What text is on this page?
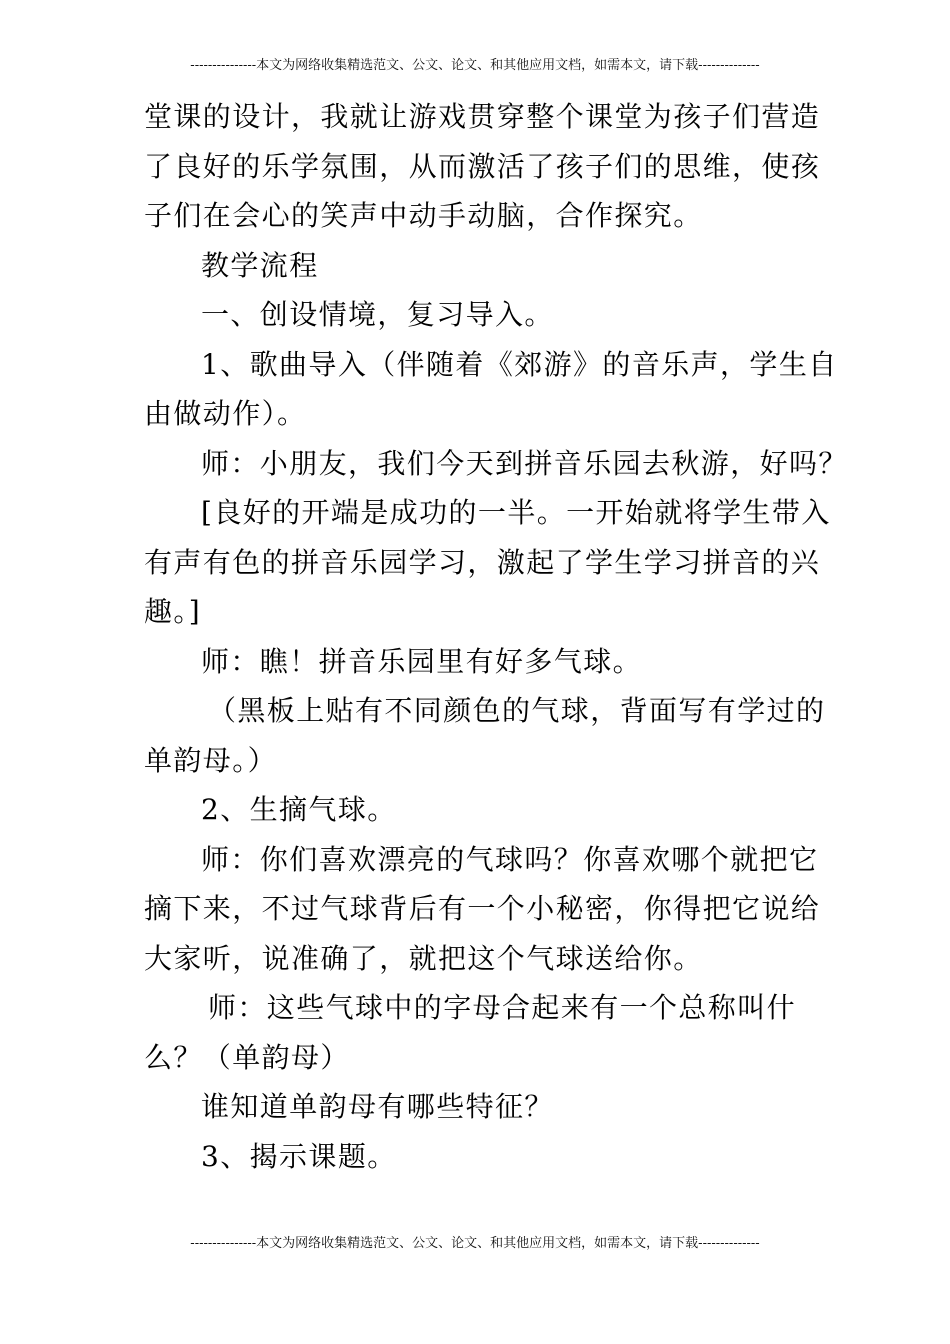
---------------本文为网络收集精选范文、公文、论文、和其他应用文档，如需本文，请下载--------------

堂课的设计，我就让游戏贯穿整个课堂为孩子们营造

了良好的乐学氛围，从而激活了孩子们的思维，使孩

子们在会心的笑声中动手动脑，合作探究。

教学流程

一、创设情境，复习导入。

1、歌曲导入（伴随着《郊游》的音乐声，学生自

由做动作）。

师：小朋友，我们今天到拼音乐园去秋游，好吗？

[良好的开端是成功的一半。一开始就将学生带入

有声有色的拼音乐园学习，激起了学生学习拼音的兴

趣。]

师：瞧！拼音乐园里有好多气球。

（黑板上贴有不同颜色的气球，背面写有学过的

单韵母。）

2、生摘气球。

师：你们喜欢漂亮的气球吗？你喜欢哪个就把它

摘下来，不过气球背后有一个小秘密，你得把它说给

大家听，说准确了，就把这个气球送给你。

师：这些气球中的字母合起来有一个总称叫什

么？（单韵母）

谁知道单韵母有哪些特征？

3、揭示课题。

---------------本文为网络收集精选范文、公文、论文、和其他应用文档，如需本文，请下载--------------
